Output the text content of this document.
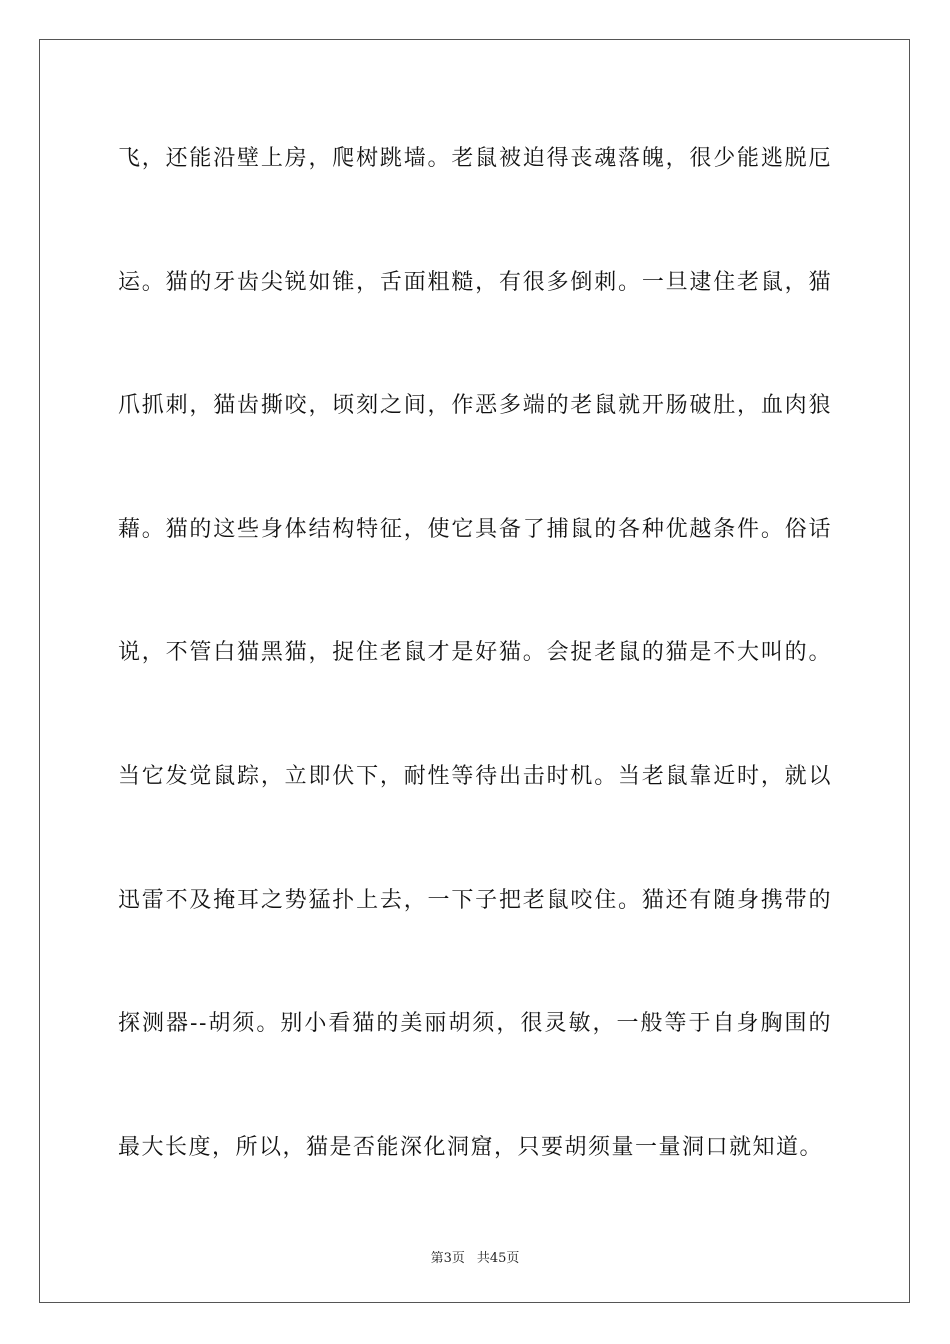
飞，还能沿壁上房，爬树跳墙。老鼠被迫得丧魂落魄，很少能逃脱厄
运。猫的牙齿尖锐如锥，舌面粗糙，有很多倒刺。一旦逮住老鼠，猫
爪抓刺，猫齿撕咬，顷刻之间，作恶多端的老鼠就开肠破肚，血肉狼
藉。猫的这些身体结构特征，使它具备了捕鼠的各种优越条件。俗话
说，不管白猫黑猫，捉住老鼠才是好猫。会捉老鼠的猫是不大叫的。
当它发觉鼠踪，立即伏下，耐性等待出击时机。当老鼠靠近时，就以
迅雷不及掩耳之势猛扑上去，一下子把老鼠咬住。猫还有随身携带的
探测器--胡须。别小看猫的美丽胡须，很灵敏，一般等于自身胸围的
最大长度，所以，猫是否能深化洞窟，只要胡须量一量洞口就知道。
第3页 共45页
